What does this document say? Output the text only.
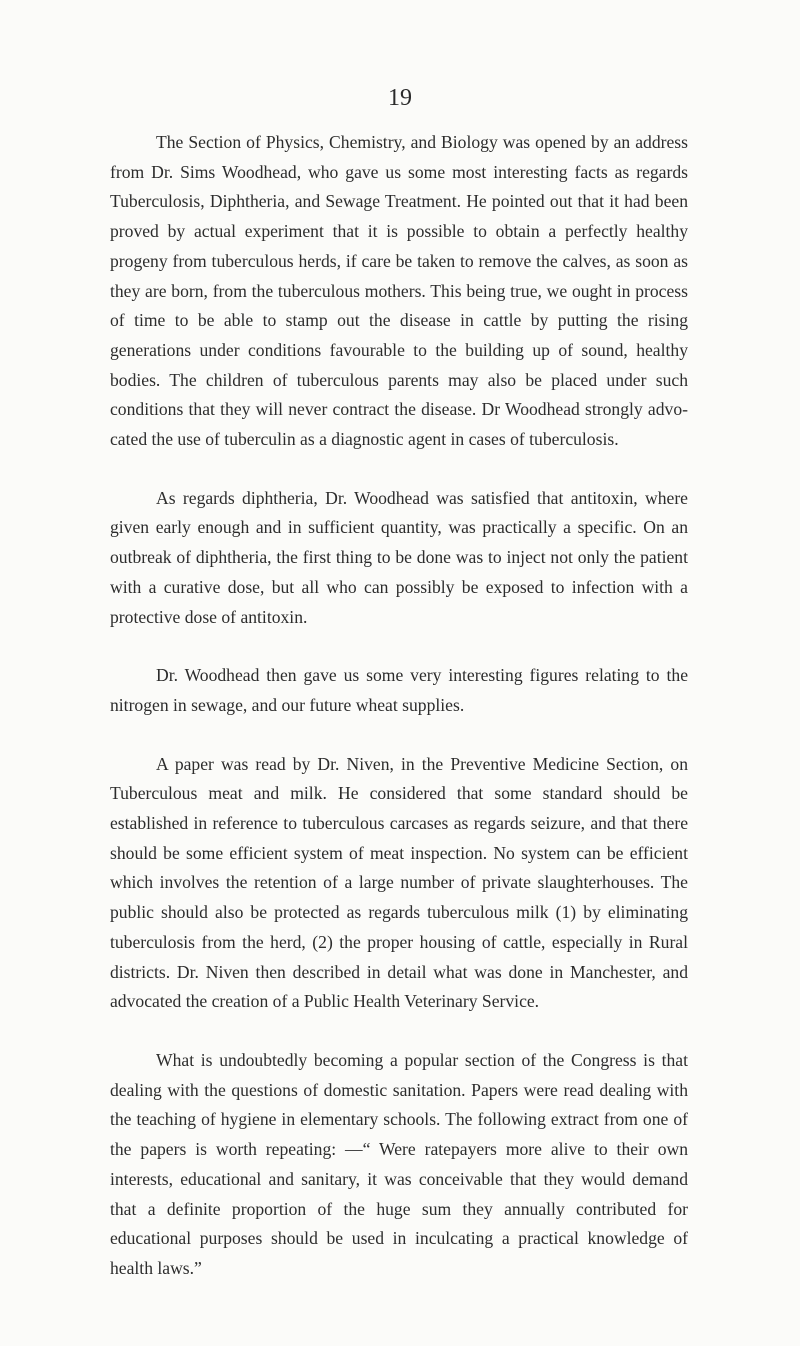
19

The Section of Physics, Chemistry, and Biology was opened by an address from Dr. Sims Woodhead, who gave us some most interesting facts as regards Tuberculosis, Diphtheria, and Sewage Treatment. He pointed out that it had been proved by actual experiment that it is possible to obtain a perfectly healthy progeny from tuberculous herds, if care be taken to remove the calves, as soon as they are born, from the tuberculous mothers. This being true, we ought in process of time to be able to stamp out the disease in cattle by putting the rising generations under conditions favourable to the building up of sound, healthy bodies. The children of tuberculous parents may also be placed under such conditions that they will never contract the disease. Dr Woodhead strongly advocated the use of tuberculin as a diagnostic agent in cases of tuberculosis.

As regards diphtheria, Dr. Woodhead was satisfied that antitoxin, where given early enough and in sufficient quantity, was practically a specific. On an outbreak of diphtheria, the first thing to be done was to inject not only the patient with a curative dose, but all who can possibly be exposed to infection with a protective dose of antitoxin.

Dr. Woodhead then gave us some very interesting figures relating to the nitrogen in sewage, and our future wheat supplies.

A paper was read by Dr. Niven, in the Preventive Medicine Section, on Tuberculous meat and milk. He considered that some standard should be established in reference to tuberculous carcases as regards seizure, and that there should be some efficient system of meat inspection. No system can be efficient which involves the retention of a large number of private slaughterhouses. The public should also be protected as regards tuberculous milk (1) by eliminating tuberculosis from the herd, (2) the proper housing of cattle, especially in Rural districts. Dr. Niven then described in detail what was done in Manchester, and advocated the creation of a Public Health Veterinary Service.

What is undoubtedly becoming a popular section of the Congress is that dealing with the questions of domestic sanitation. Papers were read dealing with the teaching of hygiene in elementary schools. The following extract from one of the papers is worth repeating: —“ Were ratepayers more alive to their own interests, educational and sanitary, it was conceivable that they would demand that a definite proportion of the huge sum they annually contributed for educational purposes should be used in inculcating a practical knowledge of health laws.”
